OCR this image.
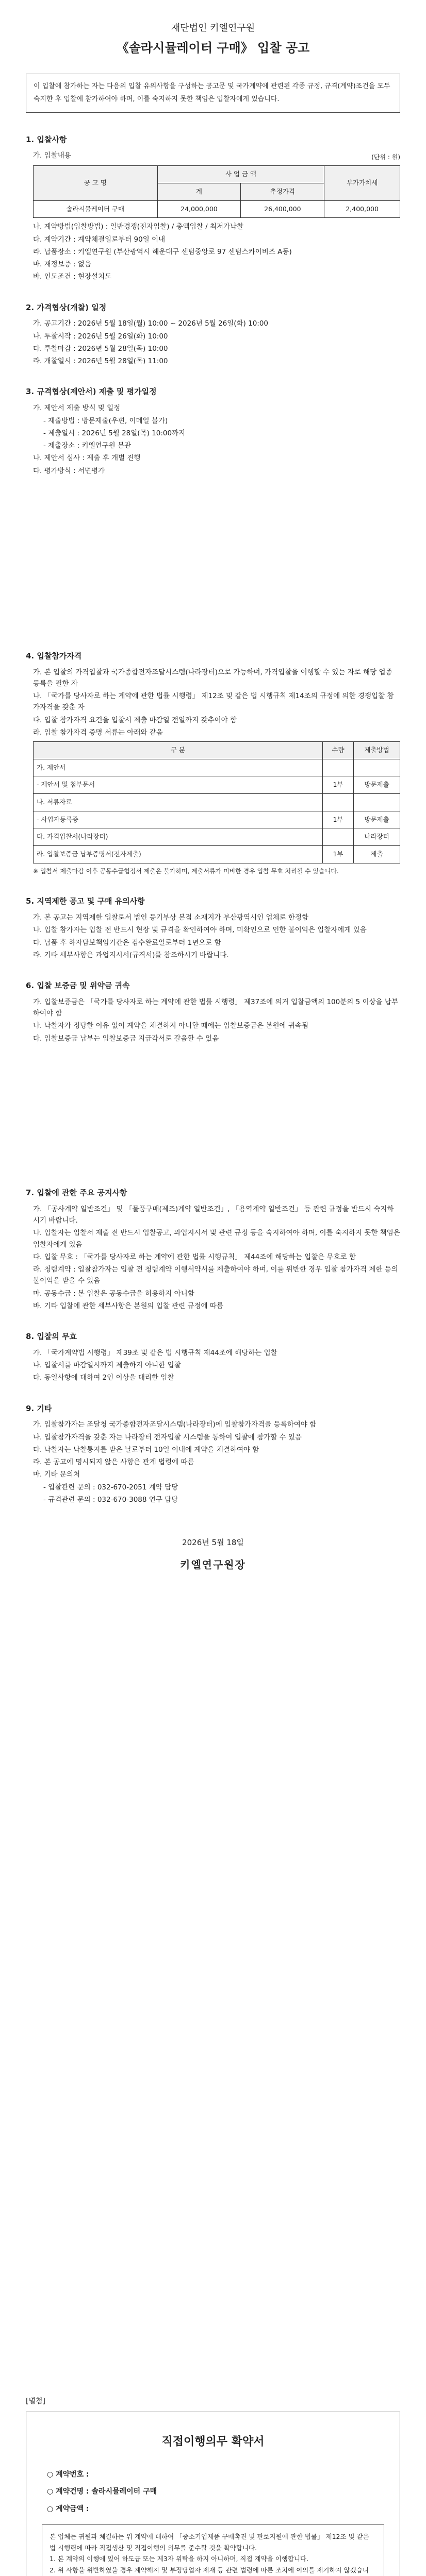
재단법인 키엘연구원
《솔라시뮬레이터 구매》 입찰 공고
이 입찰에 참가하는 자는 다음의 입찰 유의사항을 구성하는 공고문 및 국가계약에 관련된 각종 규정, 규격(계약)조건을 모두 숙지한 후 입찰에 참가하여야 하며, 이를 숙지하지 못한 책임은 입찰자에게 있습니다.
1. 입찰사항
가. 입찰내용	(단위 : 원)
공 고 명	사 업 금 액		부가가치세
	계	추정가격	
솔라시뮬레이터 구매	24,000,000	26,400,000	2,400,000
나. 계약방법(입찰방법) : 일반경쟁(전자입찰) / 총액입찰 / 최저가낙찰
다. 계약기간 : 계약체결일로부터 90일 이내
라. 납품장소 : 키엘연구원 (부산광역시 해운대구 센텀중앙로 97 센텀스카이비즈 A동)
마. 재정보증 : 없음
바. 인도조건 : 현장설치도
2. 가격협상(개찰) 일정
가. 공고기간 : 2026년 5월 18일(월) 10:00 ~ 2026년 5월 26일(화) 10:00
나. 투찰시작 : 2026년 5월 26일(화) 10:00
다. 투찰마감 : 2026년 5월 28일(목) 10:00
라. 개찰일시 : 2026년 5월 28일(목) 11:00
3. 규격협상(제안서) 제출 및 평가일정
가. 제안서 제출 방식 및 일정
- 제출방법 : 방문제출(우편, 이메일 불가)
- 제출일시 : 2026년 5월 28일(목) 10:00까지
- 제출장소 : 키엘연구원 본관
나. 제안서 심사 : 제출 후 개별 진행
다. 평가방식 : 서면평가
4. 입찰참가자격
가. 본 입찰의 가격입찰과 국가종합전자조달시스템(나라장터)으로 가능하며, 가격입찰을 이행할 수 있는 자로 해당 업종 등록을 필한 자
나. 「국가를 당사자로 하는 계약에 관한 법률 시행령」 제12조 및 같은 법 시행규칙 제14조의 규정에 의한 경쟁입찰 참가자격을 갖춘 자
다. 입찰 참가자격 요건을 입찰서 제출 마감일 전일까지 갖추어야 함
라. 입찰 참가자격 증명 서류는 아래와 같음
구 분	수량	제출방법
가. 제안서		
- 제안서 및 첨부문서	1부	방문제출
나. 서류자료		
- 사업자등록증	1부	방문제출
다. 가격입찰서(나라장터)		나라장터
라. 입찰보증금 납부증명서(전자제출)	1부	제출
※ 입찰서 제출마감 이후 공동수급협정서 제출은 불가하며, 제출서류가 미비한 경우 입찰 무효 처리될 수 있습니다.
5. 지역제한 공고 및 구매 유의사항
가. 본 공고는 지역제한 입찰로서 법인 등기부상 본점 소재지가 부산광역시인 업체로 한정함
나. 입찰 참가자는 입찰 전 반드시 현장 및 규격을 확인하여야 하며, 미확인으로 인한 불이익은 입찰자에게 있음
다. 납품 후 하자담보책임기간은 검수완료일로부터 1년으로 함
라. 기타 세부사항은 과업지시서(규격서)를 참조하시기 바랍니다.
6. 입찰 보증금 및 위약금 귀속
가. 입찰보증금은 「국가를 당사자로 하는 계약에 관한 법률 시행령」 제37조에 의거 입찰금액의 100분의 5 이상을 납부하여야 함
나. 낙찰자가 정당한 이유 없이 계약을 체결하지 아니할 때에는 입찰보증금은 본원에 귀속됨
다. 입찰보증금 납부는 입찰보증금 지급각서로 갈음할 수 있음
7. 입찰에 관한 주요 공지사항
가. 「공사계약 일반조건」 및 「물품구매(제조)계약 일반조건」, 「용역계약 일반조건」 등 관련 규정을 반드시 숙지하시기 바랍니다.
나. 입찰자는 입찰서 제출 전 반드시 입찰공고, 과업지시서 및 관련 규정 등을 숙지하여야 하며, 이를 숙지하지 못한 책임은 입찰자에게 있음
다. 입찰 무효 : 「국가를 당사자로 하는 계약에 관한 법률 시행규칙」 제44조에 해당하는 입찰은 무효로 함
라. 청렴계약 : 입찰참가자는 입찰 전 청렴계약 이행서약서를 제출하여야 하며, 이를 위반한 경우 입찰 참가자격 제한 등의 불이익을 받을 수 있음
마. 공동수급 : 본 입찰은 공동수급을 허용하지 아니함
바. 기타 입찰에 관한 세부사항은 본원의 입찰 관련 규정에 따름
8. 입찰의 무효
가. 「국가계약법 시행령」 제39조 및 같은 법 시행규칙 제44조에 해당하는 입찰
나. 입찰서를 마감일시까지 제출하지 아니한 입찰
다. 동일사항에 대하여 2인 이상을 대리한 입찰
9. 기타
가. 입찰참가자는 조달청 국가종합전자조달시스템(나라장터)에 입찰참가자격을 등록하여야 함
나. 입찰참가자격을 갖춘 자는 나라장터 전자입찰 시스템을 통하여 입찰에 참가할 수 있음
다. 낙찰자는 낙찰통지를 받은 날로부터 10일 이내에 계약을 체결하여야 함
라. 본 공고에 명시되지 않은 사항은 관계 법령에 따름
마. 기타 문의처
- 입찰관련 문의 : 032-670-2051 계약 담당
- 규격관련 문의 : 032-670-3088 연구 담당
2026년 5월 18일
키엘연구원장
[별첨]
직접이행의무 확약서
○ 계약번호 :
○ 계약건명 : 솔라시뮬레이터 구매
○ 계약금액 :

본 업체는 귀원과 체결하는 위 계약에 대하여 「중소기업제품 구매촉진 및 판로지원에 관한 법률」 제12조 및 같은 법 시행령에 따라 직접생산 및 직접이행의 의무를 준수할 것을 확약합니다.

1. 본 계약의 이행에 있어 하도급 또는 제3자 위탁을 하지 아니하며, 직접 계약을 이행합니다.

2. 위 사항을 위반하였을 경우 계약해지 및 부정당업자 제재 등 관련 법령에 따른 조치에 이의를 제기하지 않겠습니
